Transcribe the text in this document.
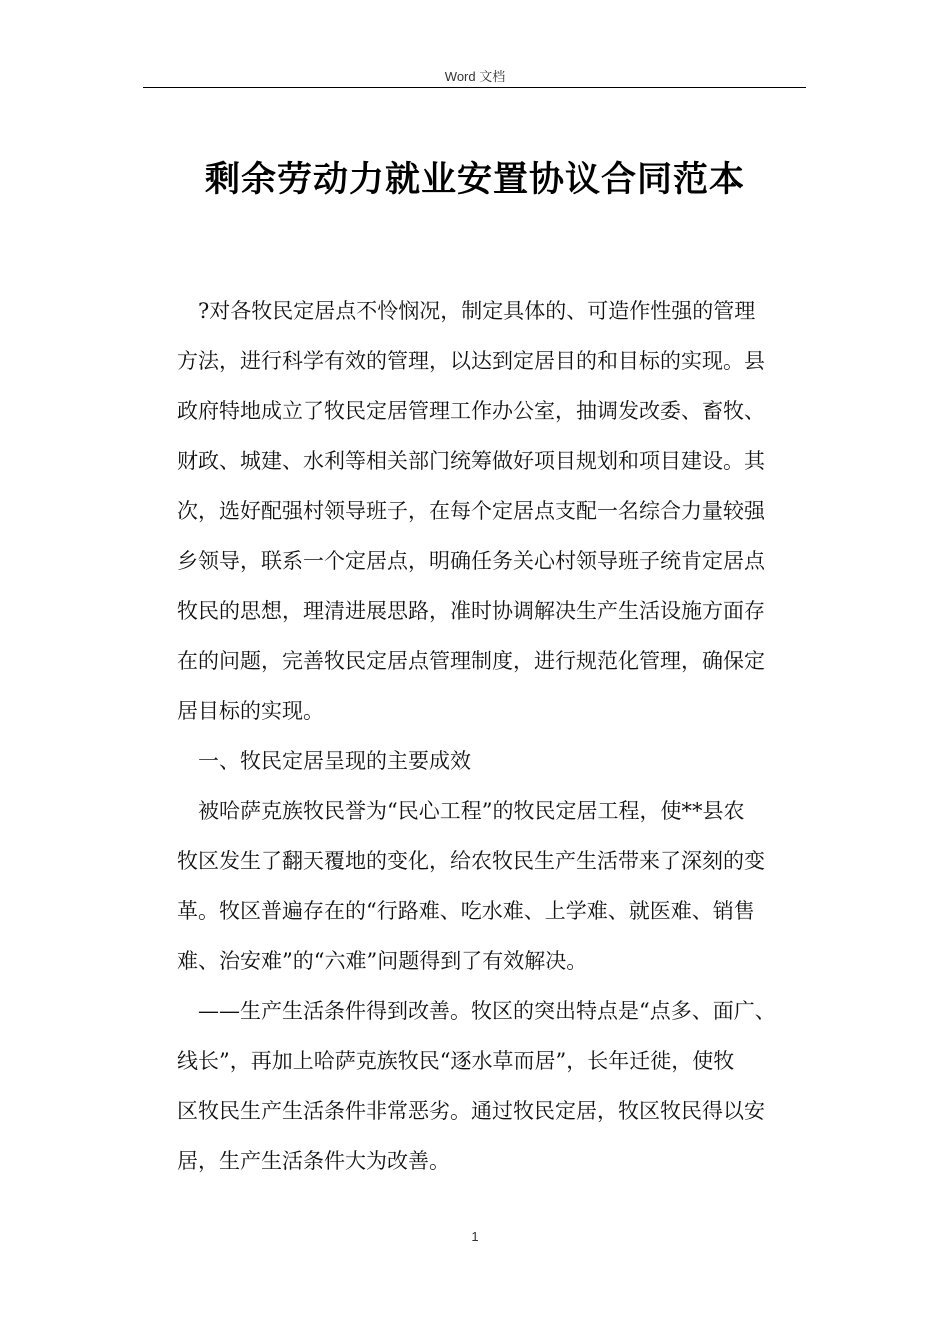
Word 文档
剩余劳动力就业安置协议合同范本
?对各牧民定居点不怜悯况，制定具体的、可造作性强的管理
方法，进行科学有效的管理，以达到定居目的和目标的实现。县
政府特地成立了牧民定居管理工作办公室，抽调发改委、畜牧、
财政、城建、水利等相关部门统筹做好项目规划和项目建设。其
次，选好配强村领导班子，在每个定居点支配一名综合力量较强
乡领导，联系一个定居点，明确任务关心村领导班子统肯定居点
牧民的思想，理清进展思路，准时协调解决生产生活设施方面存
在的问题，完善牧民定居点管理制度，进行规范化管理，确保定
居目标的实现。
一、牧民定居呈现的主要成效
被哈萨克族牧民誉为“民心工程”的牧民定居工程，使**县农
牧区发生了翻天覆地的变化，给农牧民生产生活带来了深刻的变
革。牧区普遍存在的“行路难、吃水难、上学难、就医难、销售
难、治安难”的“六难”问题得到了有效解决。
——生产生活条件得到改善。牧区的突出特点是“点多、面广、
线长”，再加上哈萨克族牧民“逐水草而居”，长年迁徙，使牧
区牧民生产生活条件非常恶劣。通过牧民定居，牧区牧民得以安
居，生产生活条件大为改善。
1
